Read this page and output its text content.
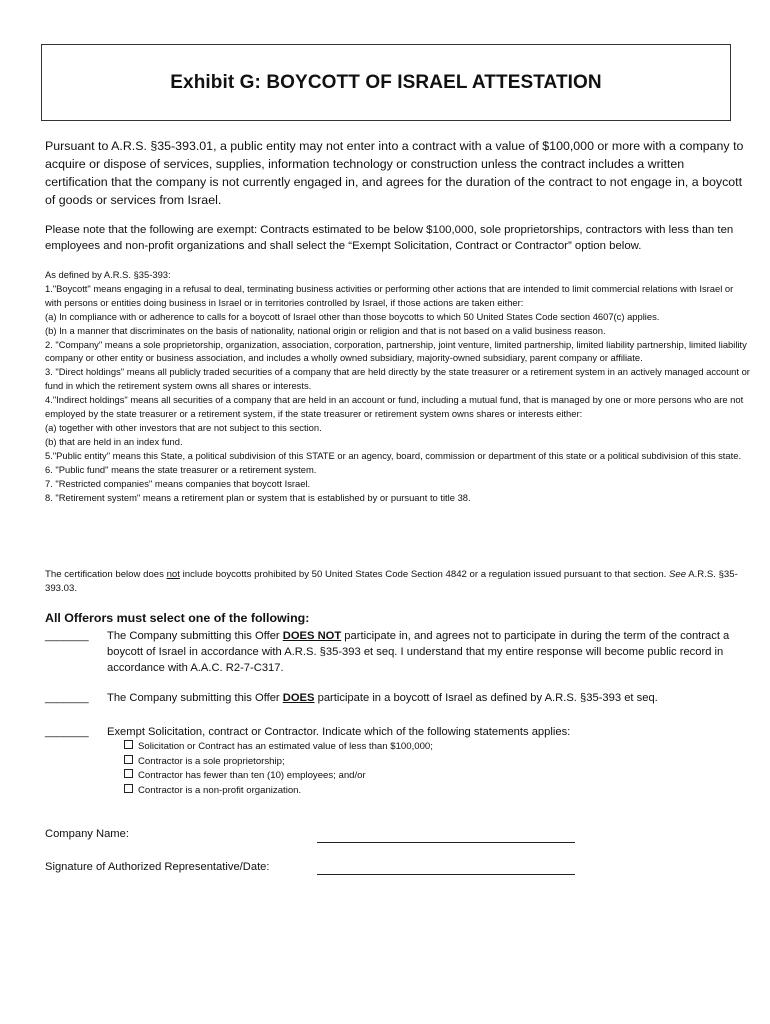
Exhibit G: BOYCOTT OF ISRAEL ATTESTATION

Pursuant to A.R.S. §35-393.01, a public entity may not enter into a contract with a value of $100,000 or more with a company to acquire or dispose of services, supplies, information technology or construction unless the contract includes a written certification that the company is not currently engaged in, and agrees for the duration of the contract to not engage in, a boycott of goods or services from Israel.

Please note that the following are exempt: Contracts estimated to be below $100,000, sole proprietorships, contractors with less than ten employees and non-profit organizations and shall select the “Exempt Solicitation, Contract or Contractor” option below.

As defined by A.R.S. §35-393:
1."Boycott" means engaging in a refusal to deal, terminating business activities or performing other actions that are intended to limit commercial relations with Israel or with persons or entities doing business in Israel or in territories controlled by Israel, if those actions are taken either:
(a) In compliance with or adherence to calls for a boycott of Israel other than those boycotts to which 50 United States Code section 4607(c) applies.
(b) In a manner that discriminates on the basis of nationality, national origin or religion and that is not based on a valid business reason.
2. "Company" means a sole proprietorship, organization, association, corporation, partnership, joint venture, limited partnership, limited liability partnership, limited liability company or other entity or business association, and includes a wholly owned subsidiary, majority-owned subsidiary, parent company or affiliate.
3. "Direct holdings" means all publicly traded securities of a company that are held directly by the state treasurer or a retirement system in an actively managed account or fund in which the retirement system owns all shares or interests.
4."Indirect holdings" means all securities of a company that are held in an account or fund, including a mutual fund, that is managed by one or more persons who are not employed by the state treasurer or a retirement system, if the state treasurer or retirement system owns shares or interests either:
(a) together with other investors that are not subject to this section.
(b) that are held in an index fund.
5."Public entity" means this State, a political subdivision of this STATE or an agency, board, commission or department of this state or a political subdivision of this state.
6. "Public fund" means the state treasurer or a retirement system.
7. "Restricted companies" means companies that boycott Israel.
8. "Retirement system" means a retirement plan or system that is established by or pursuant to title 38.

The certification below does not include boycotts prohibited by 50 United States Code Section 4842 or a regulation issued pursuant to that section. See A.R.S. §35-393.03.

All Offerors must select one of the following:

_______ The Company submitting this Offer DOES NOT participate in, and agrees not to participate in during the term of the contract a boycott of Israel in accordance with A.R.S. §35-393 et seq. I understand that my entire response will become public record in accordance with A.A.C. R2-7-C317.
_______ The Company submitting this Offer DOES participate in a boycott of Israel as defined by A.R.S. §35-393 et seq.
_______ Exempt Solicitation, contract or Contractor. Indicate which of the following statements applies:
Solicitation or Contract has an estimated value of less than $100,000;
Contractor is a sole proprietorship;
Contractor has fewer than ten (10) employees; and/or
Contractor is a non-profit organization.
Company Name:
Signature of Authorized Representative/Date:
